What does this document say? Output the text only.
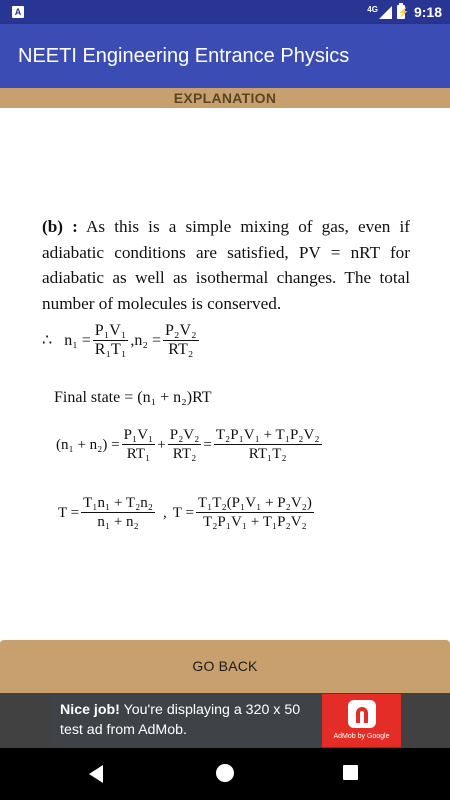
A	4G ⚡ 9:18
NEETI Engineering Entrance Physics
EXPLANATION

(b) : As this is a simple mixing of gas, even if adiabatic conditions are satisfied, PV = nRT for adiabatic as well as isothermal changes. The total number of molecules is conserved.

∴ $n_1 = \frac{\text{P₁V₁}}{\text{R₁T₁}}$ , $n_2 = \frac{\text{P₂V₂}}{\text{RT₂}}$
Final state = (n₁ + n₂)RT
$(n_1 + n_2) = \frac{\text{P₁V₁}}{\text{RT₁}} + \frac{\text{P₂V₂}}{\text{RT₂}} = \frac{\text{T₂P₁V₁ + T₁P₂V₂}}{\text{RT₁T₂}}$
$T = \frac{\text{T₁n₁ + T₂n₂}}{\text{n₁ + n₂}}$ , $T = \frac{\text{T₁T₂(P₁V₁ + P₂V₂)}}{\text{T₂P₁V₁ + T₁P₂V₂}}$
GO BACK
Nice job! You're displaying a 320 x 50 test ad from AdMob.	AdMob by Google
